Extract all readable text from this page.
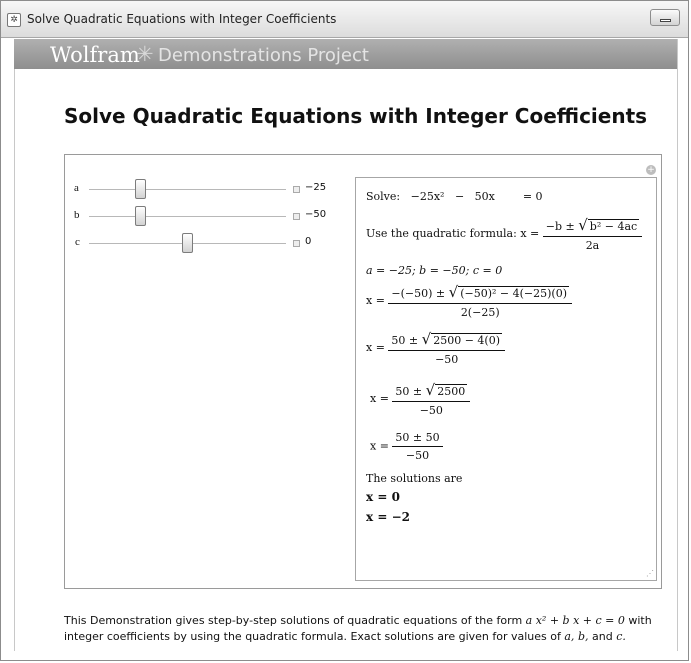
✲ Solve Quadratic Equations with Integer Coefficients
Wolfram
✳ Demonstrations Project
Solve Quadratic Equations with Integer Coefficients
+
a	−25
b	−50
c	0
Solve: −25x² − 50x	= 0
Use the quadratic formula: $x = \frac{\text{−b ± √ b² − 4ac}}{2a}$
a = −25; b = −50; c = 0
$x = \frac{\text{−(−50) ± √ (−50)² − 4(−25)(0)}}{2(-25)}$
$x = \frac{50 \pm √ 2500 - 4(0)}{-50}$
$x = \frac{50 \pm √ 2500}{-50}$
$x = \frac{50 \pm 50}{-50}$
The solutions are
x = 0
x = −2
⋰
This Demonstration gives step-by-step solutions of quadratic equations of the form a x² + b x + c = 0 with integer coefficients by using the quadratic formula. Exact solutions are given for values of a, b, and c.
